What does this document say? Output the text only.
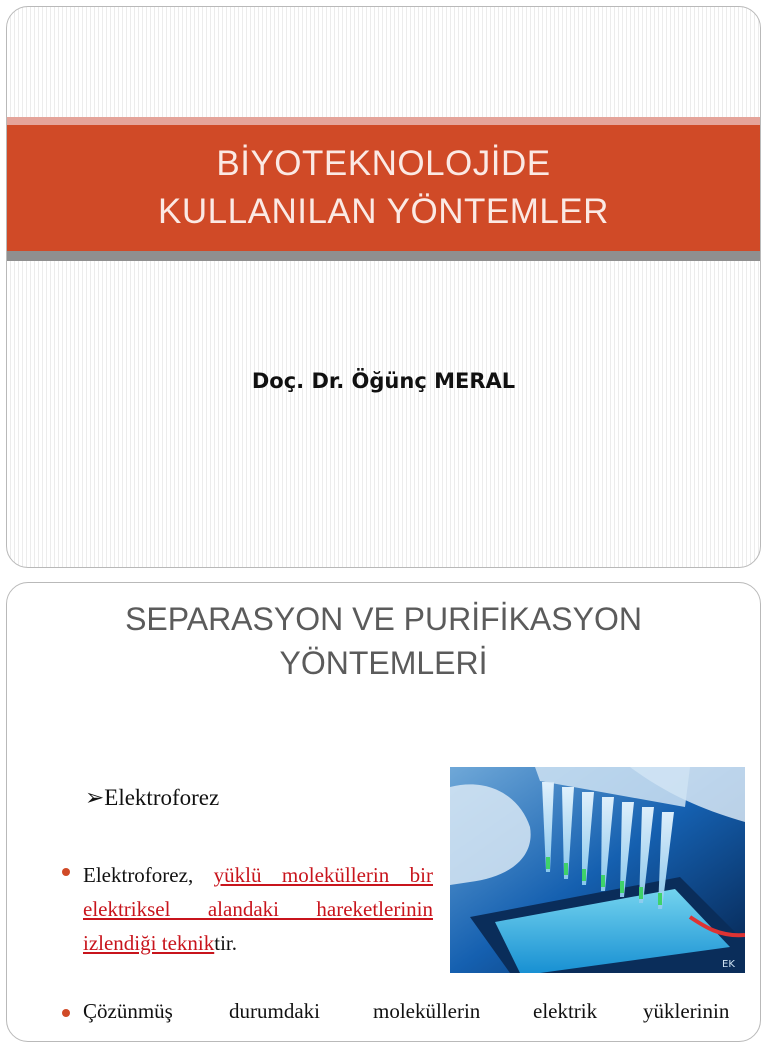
BİYOTEKNOLOJİDE
KULLANILAN YÖNTEMLER
Doç. Dr. Öğünç MERAL
SEPARASYON VE PURİFİKASYON
YÖNTEMLERİ
➢Elektroforez
Elektroforez, yüklü moleküllerin bir elektriksel alandaki hareketlerinin izlendiği tekniktir.
Çözünmüş	durumdaki	moleküllerin	elektrik yüklerinin
EK
